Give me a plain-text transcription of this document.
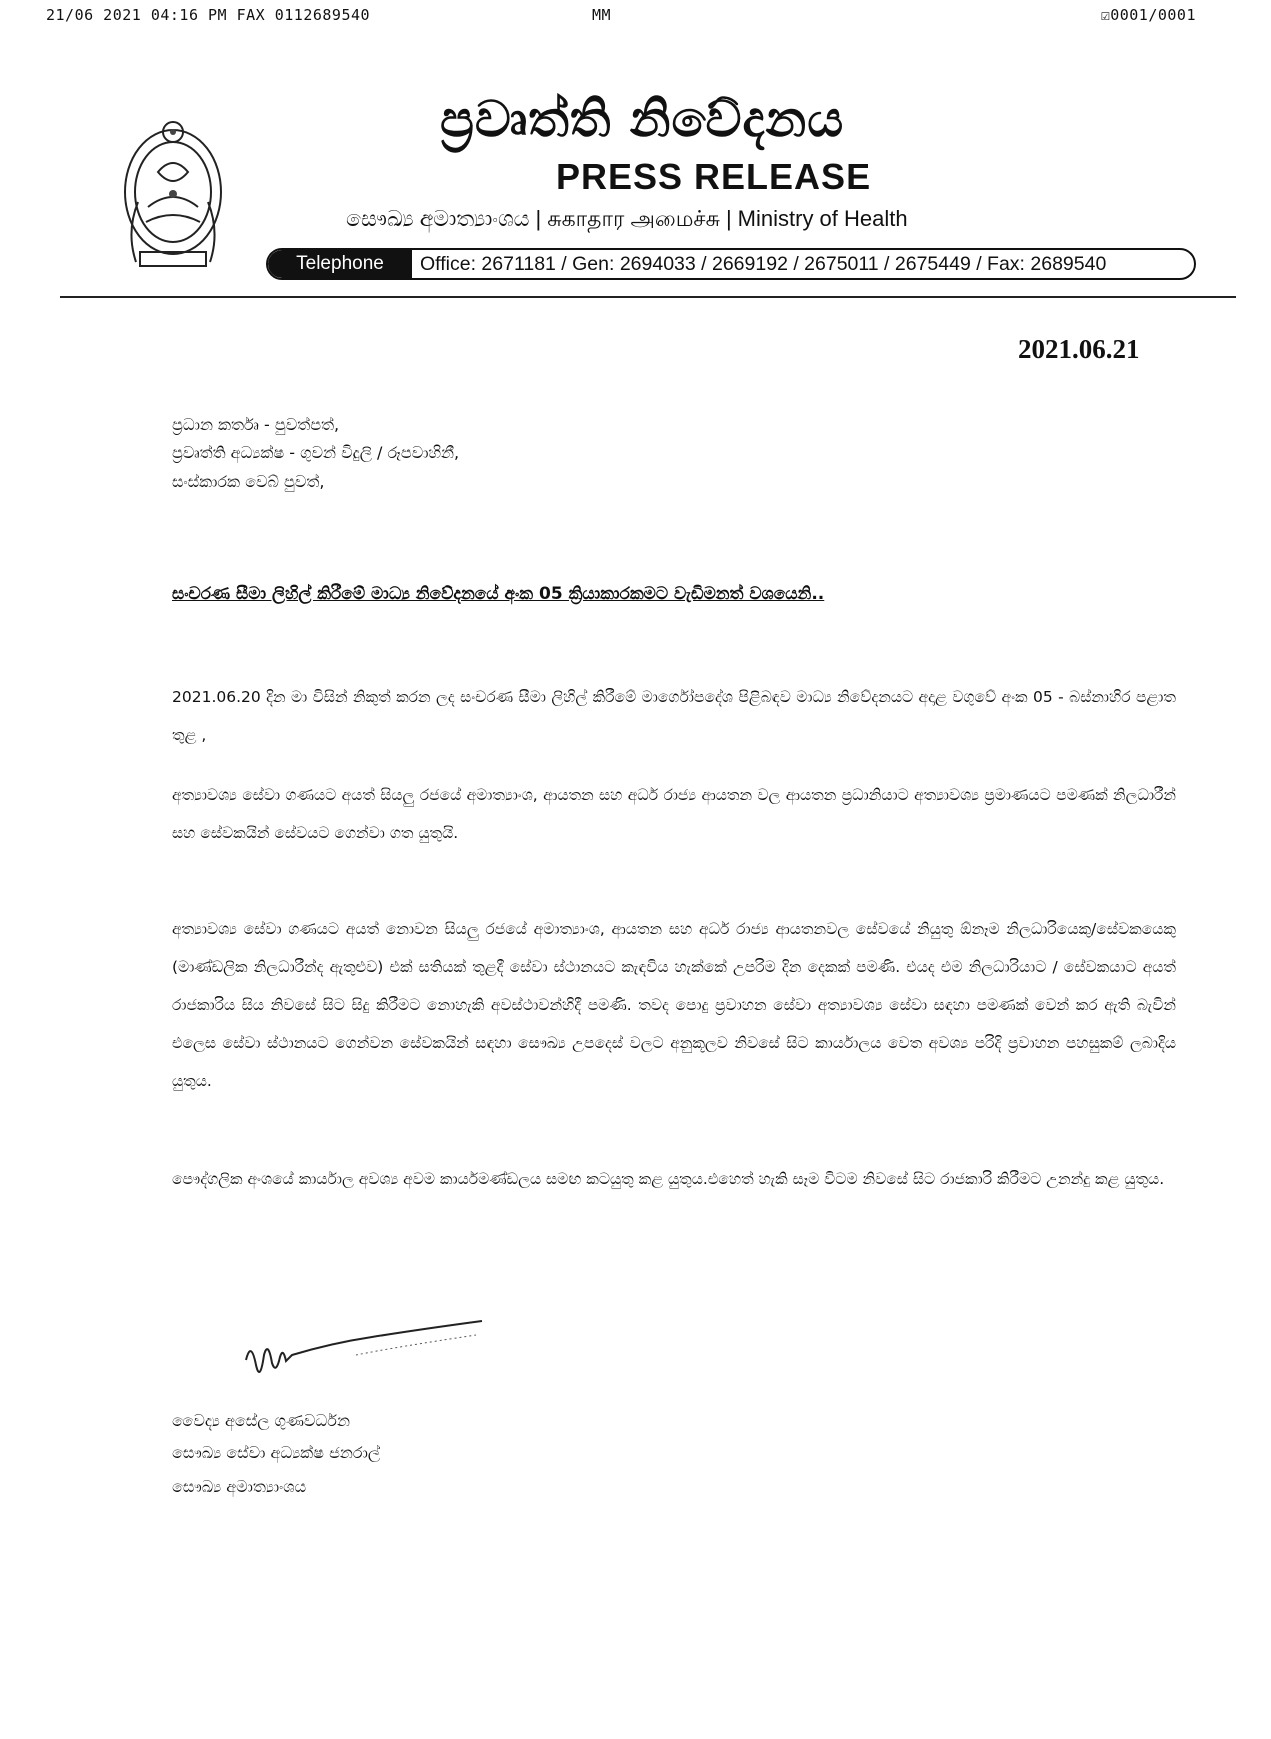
21/06 2021 04:16 PM FAX 0112689540	MM	☑0001/0001
ප්‍රවෘත්ති නිවේදනය
PRESS RELEASE
සෞඛ්‍ය අමාත්‍යාංශය | சுகாதார அமைச்சு | Ministry of Health
Telephone	Office: 2671181 / Gen: 2694033 / 2669192 / 2675011 / 2675449 / Fax: 2689540
2021.06.21
ප්‍රධාන කර්තෘ - පුවත්පත්,
ප්‍රවෘත්ති අධ්‍යක්ෂ - ගුවන් විදුලි / රූපවාහිනී,
සංස්කාරක වෙබ් පුවත්,
සංචරණ සීමා ලිහිල් කිරීමේ මාධ්‍ය නිවේදනයේ අංක 05 ක්‍රියාකාරකමට වැඩිමනත් වශයෙනි..
2021.06.20 දින මා විසින් නිකුත් කරන ලද සංචරණ සීමා ලිහිල් කිරීමේ මාර්ගෝපදේශ පිළිබඳව මාධ්‍ය නිවේදනයට අදාළ වගුවේ අංක 05 - බස්නාහිර පළාත තුළ ,
අත්‍යාවශ්‍ය සේවා ගණයට අයත් සියලු රජයේ අමාත්‍යාංශ, ආයතන සහ අර්ධ රාජ්‍ය ආයතන වල ආයතන ප්‍රධානියාට අත්‍යාවශ්‍ය ප්‍රමාණයට පමණක් නිලධාරීන් සහ සේවකයින් සේවයට ගෙන්වා ගත යුතුයි.
අත්‍යාවශ්‍ය සේවා ගණයට අයත් නොවන සියලු රජයේ අමාත්‍යාංශ, ආයතන සහ අර්ධ රාජ්‍ය ආයතනවල සේවයේ නියුතු ඕනෑම නිලධාරියෙකු/සේවකයෙකු (මාණ්ඩලික නිලධාරීන්ද ඇතුළුව) එක් සතියක් තුළදී සේවා ස්ථානයට කැඳවිය හැක්කේ උපරිම දින දෙකක් පමණි. එයද එම නිලධාරියාට / සේවකයාට අයත් රාජකාරිය සිය නිවසේ සිට සිදු කිරීමට නොහැකි අවස්ථාවන්හිදී පමණි. තවද පොදු ප්‍රවාහන සේවා අත්‍යාවශ්‍ය සේවා සඳහා පමණක් වෙන් කර ඇති බැවින් එලෙස සේවා ස්ථානයට ගෙන්වන සේවකයින් සඳහා සෞඛ්‍ය උපදෙස් වලට අනුකූලව නිවසේ සිට කාර්යාලය වෙත අවශ්‍ය පරිදි ප්‍රවාහන පහසුකම් ලබාදිය යුතුය.
පෞද්ගලික අංශයේ කාර්යාල අවශ්‍ය අවම කාර්යමණ්ඩලය සමඟ කටයුතු කළ යුතුය.එහෙත් හැකි සෑම විටම නිවසේ සිට රාජකාරි කිරීමට උනන්දු කළ යුතුය.
වෛද්‍ය අසේල ගුණවර්ධන
සෞඛ්‍ය සේවා අධ්‍යක්ෂ ජනරාල්
සෞඛ්‍ය අමාත්‍යාංශය
